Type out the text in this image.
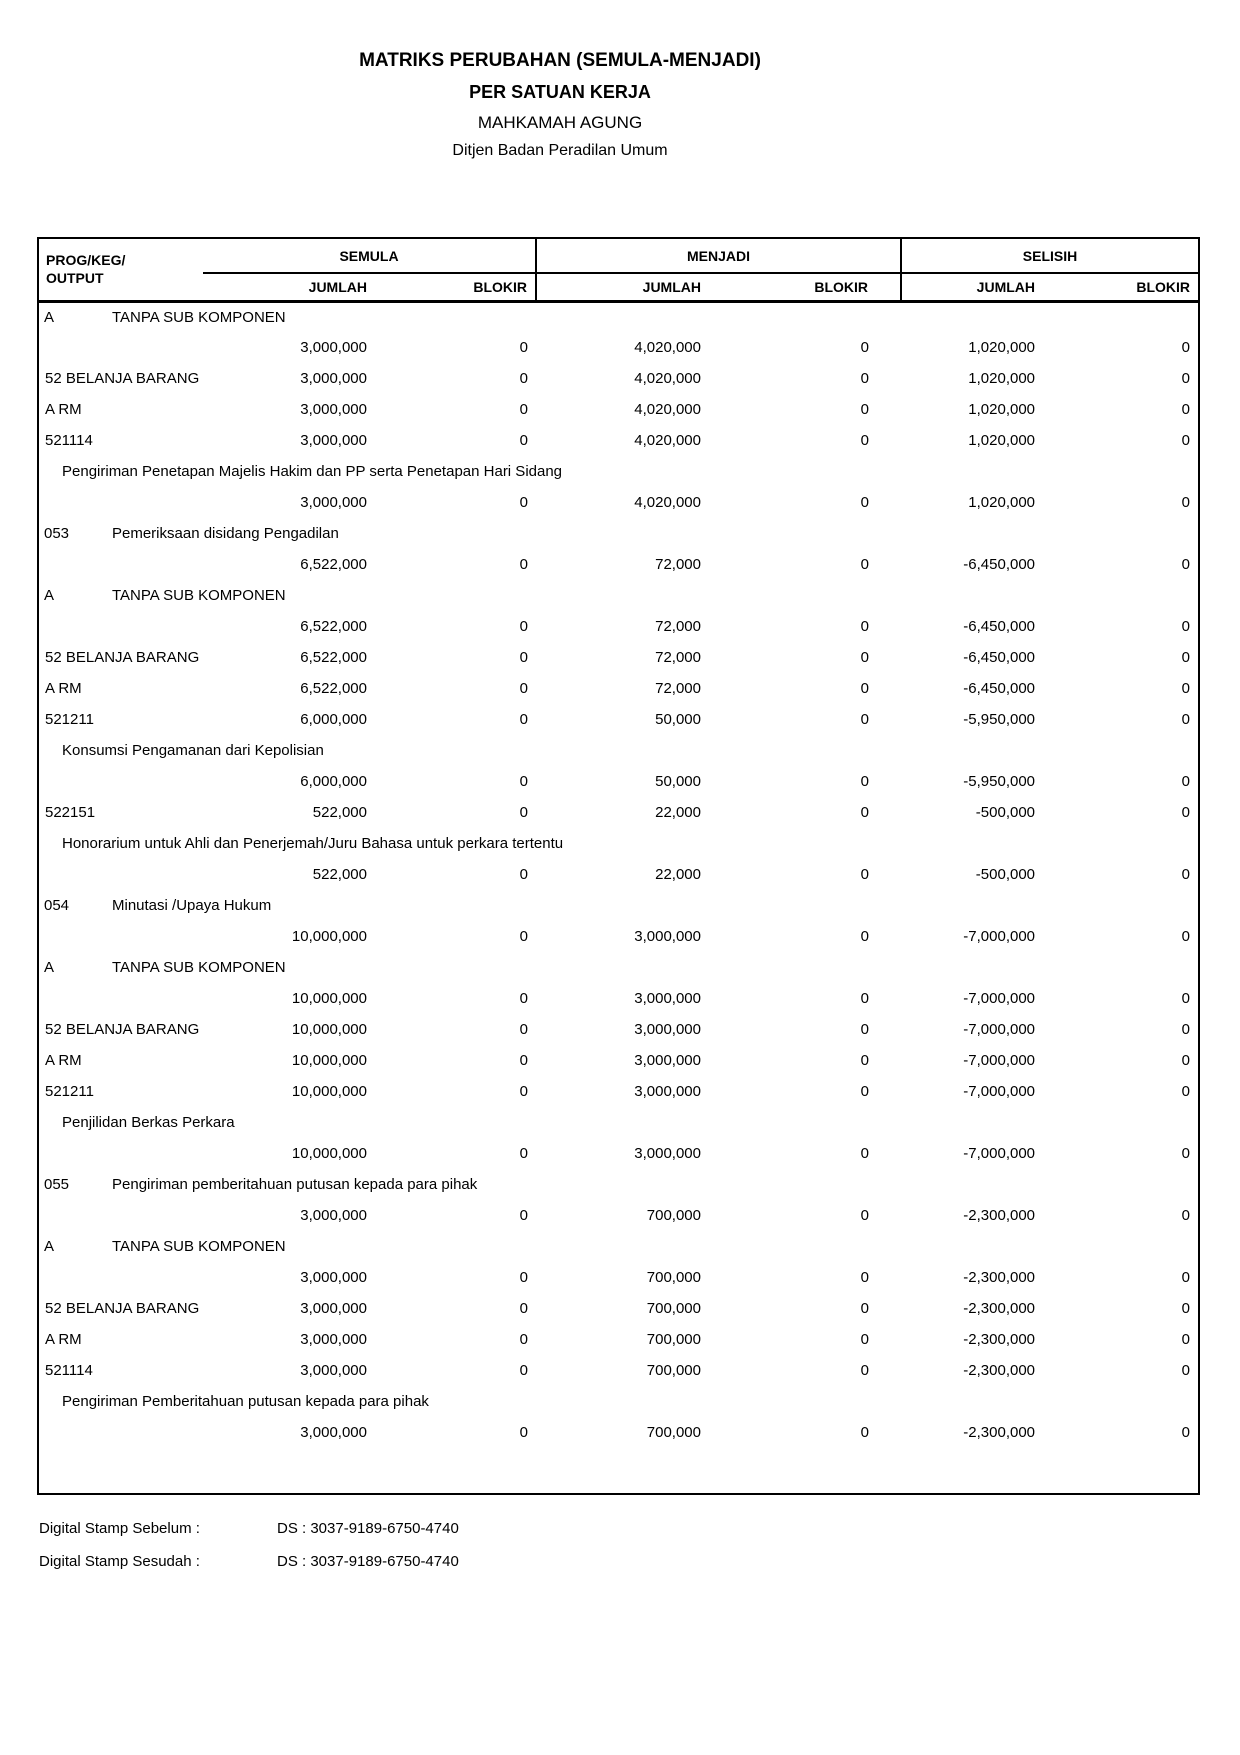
MATRIKS PERUBAHAN (SEMULA-MENJADI)
PER SATUAN KERJA
MAHKAMAH AGUNG
Ditjen Badan Peradilan Umum
PROG/KEG/
OUTPUT	SEMULA		MENJADI		SELISIH	
	JUMLAH	BLOKIR	JUMLAH	BLOKIR	JUMLAH	BLOKIR
A TANPA SUB KOMPONEN						
	3,000,000	0	4,020,000	0	1,020,000	0
52 BELANJA BARANG	3,000,000	0	4,020,000	0	1,020,000	0
A RM	3,000,000	0	4,020,000	0	1,020,000	0
521114	3,000,000	0	4,020,000	0	1,020,000	0
Pengiriman Penetapan Majelis Hakim dan PP serta Penetapan Hari Sidang						
	3,000,000	0	4,020,000	0	1,020,000	0
053 Pemeriksaan disidang Pengadilan						
	6,522,000	0	72,000	0	-6,450,000	0
A TANPA SUB KOMPONEN						
	6,522,000	0	72,000	0	-6,450,000	0
52 BELANJA BARANG	6,522,000	0	72,000	0	-6,450,000	0
A RM	6,522,000	0	72,000	0	-6,450,000	0
521211	6,000,000	0	50,000	0	-5,950,000	0
Konsumsi Pengamanan dari Kepolisian						
	6,000,000	0	50,000	0	-5,950,000	0
522151	522,000	0	22,000	0	-500,000	0
Honorarium untuk Ahli dan Penerjemah/Juru Bahasa untuk perkara tertentu						
	522,000	0	22,000	0	-500,000	0
054 Minutasi /Upaya Hukum						
	10,000,000	0	3,000,000	0	-7,000,000	0
A TANPA SUB KOMPONEN						
	10,000,000	0	3,000,000	0	-7,000,000	0
52 BELANJA BARANG	10,000,000	0	3,000,000	0	-7,000,000	0
A RM	10,000,000	0	3,000,000	0	-7,000,000	0
521211	10,000,000	0	3,000,000	0	-7,000,000	0
Penjilidan Berkas Perkara						
	10,000,000	0	3,000,000	0	-7,000,000	0
055 Pengiriman pemberitahuan putusan kepada para pihak						
	3,000,000	0	700,000	0	-2,300,000	0
A TANPA SUB KOMPONEN						
	3,000,000	0	700,000	0	-2,300,000	0
52 BELANJA BARANG	3,000,000	0	700,000	0	-2,300,000	0
A RM	3,000,000	0	700,000	0	-2,300,000	0
521114	3,000,000	0	700,000	0	-2,300,000	0
Pengiriman Pemberitahuan putusan kepada para pihak						
	3,000,000	0	700,000	0	-2,300,000	0

Digital Stamp Sebelum :	DS : 3037-9189-6750-4740
Digital Stamp Sesudah :	DS : 3037-9189-6750-4740
